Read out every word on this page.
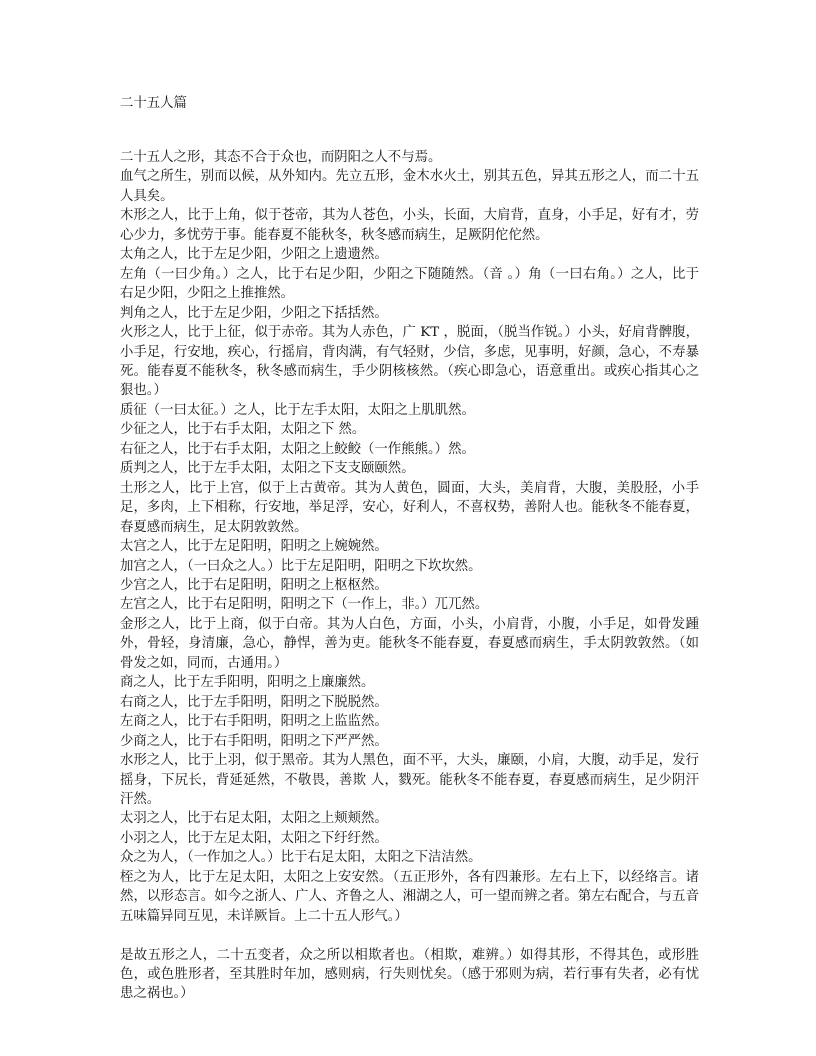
二十五人篇
二十五人之形，其态不合于众也，而阴阳之人不与焉。
血气之所生，别而以候，从外知内。先立五形，金木水火土，别其五色，异其五形之人，而二十五人具矣。
木形之人，比于上角，似于苍帝，其为人苍色，小头，长面，大肩背，直身，小手足，好有才，劳心少力，多忧劳于事。能春夏不能秋冬，秋冬感而病生，足厥阴佗佗然。
太角之人，比于左足少阳，少阳之上遗遗然。
左角（一曰少角。）之人，比于右足少阳，少阳之下随随然。（音 。）角（一曰右角。）之人，比于右足少阳，少阳之上推推然。
判角之人，比于左足少阳，少阳之下括括然。
火形之人，比于上征，似于赤帝。其为人赤色，广 KT ，脱面，（脱当作锐。）小头，好肩背髀腹，小手足，行安地，疾心，行摇肩，背肉满，有气轻财，少信，多虑，见事明，好颜，急心，不寿暴死。能春夏不能秋冬，秋冬感而病生，手少阴核核然。（疾心即急心，语意重出。或疾心指其心之狠也。）
质征（一曰太征。）之人，比于左手太阳，太阳之上肌肌然。
少征之人，比于右手太阳，太阳之下 然。
右征之人，比于右手太阳，太阳之上鲛鲛（一作熊熊。）然。
质判之人，比于左手太阳，太阳之下支支颐颐然。
土形之人，比于上宫，似于上古黄帝。其为人黄色，圆面，大头，美肩背，大腹，美股胫，小手足，多肉，上下相称，行安地，举足浮，安心，好利人，不喜权势，善附人也。能秋冬不能春夏，春夏感而病生，足太阴敦敦然。
太宫之人，比于左足阳明，阳明之上婉婉然。
加宫之人，（一曰众之人。）比于左足阳明，阳明之下坎坎然。
少宫之人，比于右足阳明，阳明之上枢枢然。
左宫之人，比于右足阳明，阳明之下（一作上，非。）兀兀然。
金形之人，比于上商，似于白帝。其为人白色，方面，小头，小肩背，小腹，小手足，如骨发踵外，骨轻，身清廉，急心，静悍，善为吏。能秋冬不能春夏，春夏感而病生，手太阴敦敦然。（如骨发之如，同而，古通用。）
商之人，比于左手阳明，阳明之上廉廉然。
右商之人，比于左手阳明，阳明之下脱脱然。
左商之人，比于右手阳明，阳明之上监监然。
少商之人，比于右手阳明，阳明之下严严然。
水形之人，比于上羽，似于黑帝。其为人黑色，面不平，大头，廉颐，小肩，大腹，动手足，发行摇身，下尻长，背延延然，不敬畏，善欺 人，戮死。能秋冬不能春夏，春夏感而病生，足少阴汗汗然。
太羽之人，比于右足太阳，太阳之上颊颊然。
小羽之人，比于左足太阳，太阳之下纡纡然。
众之为人，（一作加之人。）比于右足太阳，太阳之下洁洁然。
桎之为人，比于左足太阳，太阳之上安安然。（五正形外，各有四兼形。左右上下，以经络言。诸然，以形态言。如今之浙人、广人、齐鲁之人、湘湖之人，可一望而辨之者。第左右配合，与五音五味篇异同互见，未详厥旨。上二十五人形气。）
是故五形之人，二十五变者，众之所以相欺者也。（相欺，难辨。）如得其形，不得其色，或形胜色，或色胜形者，至其胜时年加，感则病，行失则忧矣。（感于邪则为病，若行事有失者，必有忧患之祸也。）
